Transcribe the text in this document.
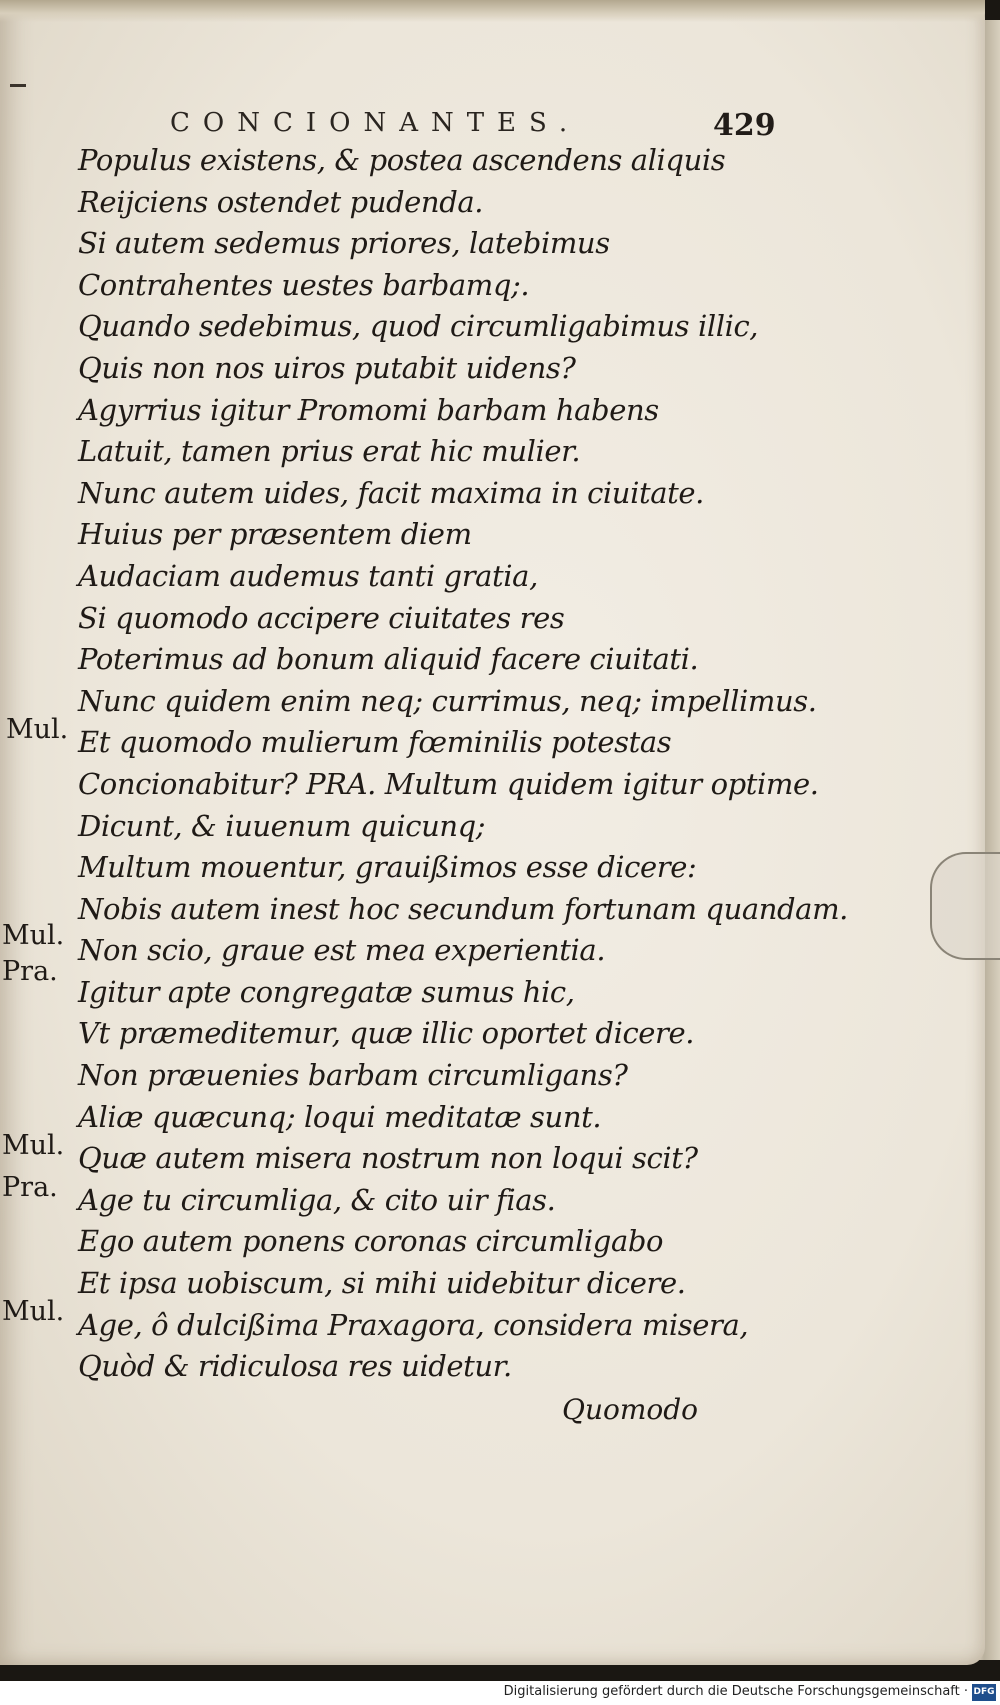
CONCIONANTES.	429
Populus existens, & postea ascendens aliquis
Reijciens ostendet pudenda.
Si autem sedemus priores, latebimus
Contrahentes uestes barbamq;.
Quando sedebimus, quod circumligabimus illic,
Quis non nos uiros putabit uidens?
Agyrrius igitur Promomi barbam habens
Latuit, tamen prius erat hic mulier.
Nunc autem uides, facit maxima in ciuitate.
Huius per præsentem diem
Audaciam audemus tanti gratia,
Si quomodo accipere ciuitates res
Poterimus ad bonum aliquid facere ciuitati.
Nunc quidem enim neq; currimus, neq; impellimus.
Et quomodo mulierum fœminilis potestas
Concionabitur? PRA. Multum quidem igitur optime.
Dicunt, & iuuenum quicunq;
Multum mouentur, grauißimos esse dicere:
Nobis autem inest hoc secundum fortunam quandam.
Non scio, graue est mea experientia.
Igitur apte congregatæ sumus hic,
Vt præmeditemur, quæ illic oportet dicere.
Non præuenies barbam circumligans?
Aliæ quæcunq; loqui meditatæ sunt.
Quæ autem misera nostrum non loqui scit?
Age tu circumliga, & cito uir fias.
Ego autem ponens coronas circumligabo
Et ipsa uobiscum, si mihi uidebitur dicere.
Age, ô dulcißima Praxagora, considera misera,
Quòd & ridiculosa res uidetur.
Mul.
Mul.
Pra.
Mul.
Pra.
Mul.
Quomodo
Digitalisierung gefördert durch die Deutsche Forschungsgemeinschaft · DFG
